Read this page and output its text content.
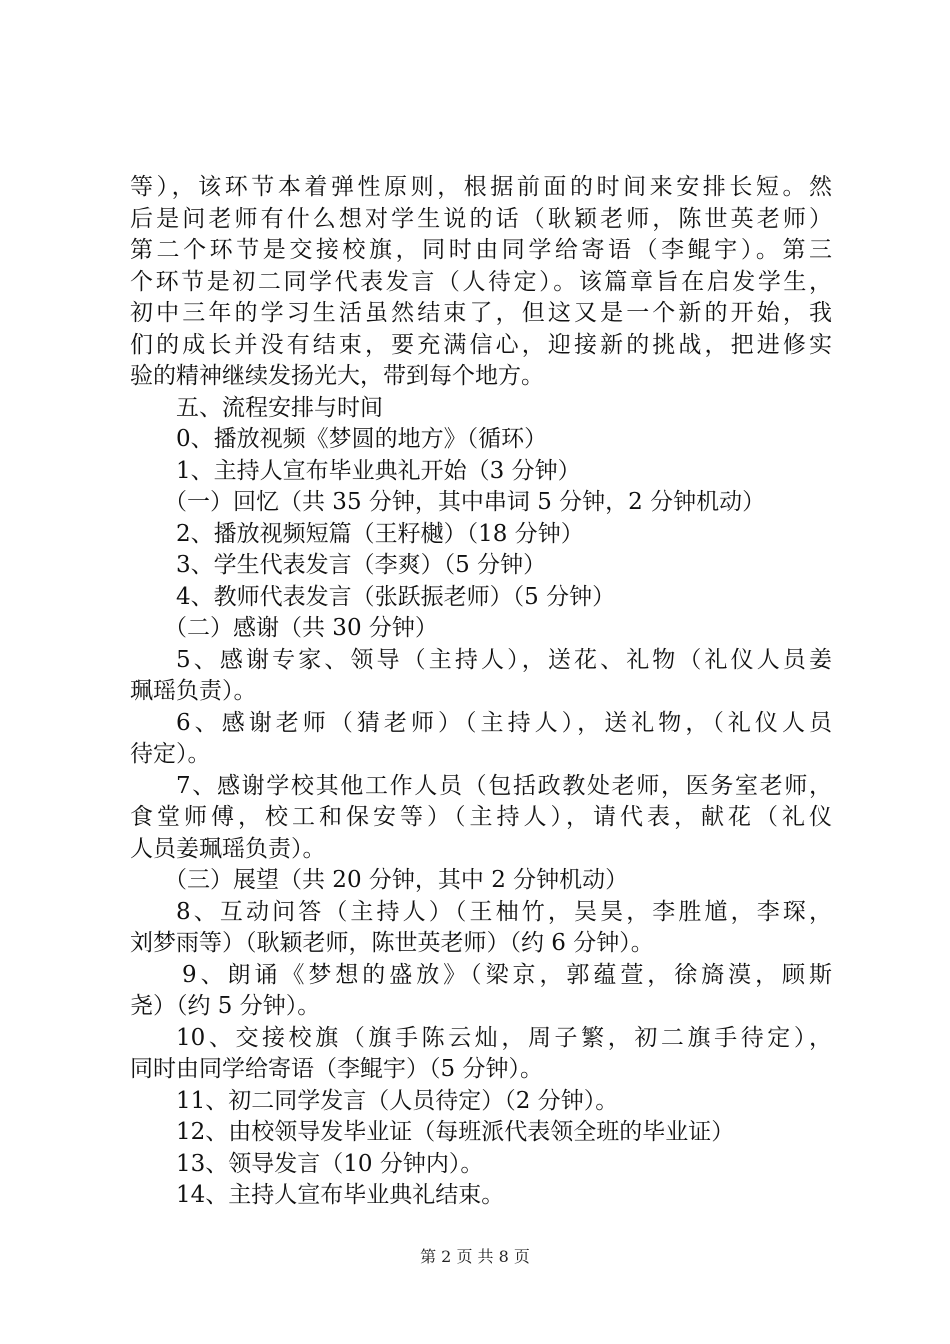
等），该环节本着弹性原则，根据前面的时间来安排长短。然
后是问老师有什么想对学生说的话（耿颖老师，陈世英老师）
第二个环节是交接校旗，同时由同学给寄语（李鲲宇）。第三
个环节是初二同学代表发言（人待定）。该篇章旨在启发学生，
初中三年的学习生活虽然结束了，但这又是一个新的开始，我
们的成长并没有结束，要充满信心，迎接新的挑战，把进修实
验的精神继续发扬光大，带到每个地方。
五、流程安排与时间
0、播放视频《梦圆的地方》（循环）
1、主持人宣布毕业典礼开始（3 分钟）
（一）回忆（共 35 分钟，其中串词 5 分钟，2 分钟机动）
2、播放视频短篇（王籽樾）（18 分钟）
3、学生代表发言（李爽）（5 分钟）
4、教师代表发言（张跃振老师）（5 分钟）
（二）感谢（共 30 分钟）
5、感谢专家、领导（主持人），送花、礼物（礼仪人员姜
珮瑶负责）。
6、感谢老师（猜老师）（主持人），送礼物，（礼仪人员
待定）。
7、感谢学校其他工作人员（包括政教处老师，医务室老师，
食堂师傅，校工和保安等）（主持人），请代表，献花（礼仪
人员姜珮瑶负责）。
（三）展望（共 20 分钟，其中 2 分钟机动）
8、互动问答（主持人）（王柚竹，吴昊，李胜馗，李琛，
刘梦雨等）（耿颖老师，陈世英老师）（约 6 分钟）。
9、朗诵《梦想的盛放》（梁京，郭蕴萱，徐旖漠，顾斯
尧）（约 5 分钟）。
10、交接校旗（旗手陈云灿，周子繁，初二旗手待定），
同时由同学给寄语（李鲲宇）（5 分钟）。
11、初二同学发言（人员待定）（2 分钟）。
12、由校领导发毕业证（每班派代表领全班的毕业证）
13、领导发言（10 分钟内）。
14、主持人宣布毕业典礼结束。
第 2 页 共 8 页
